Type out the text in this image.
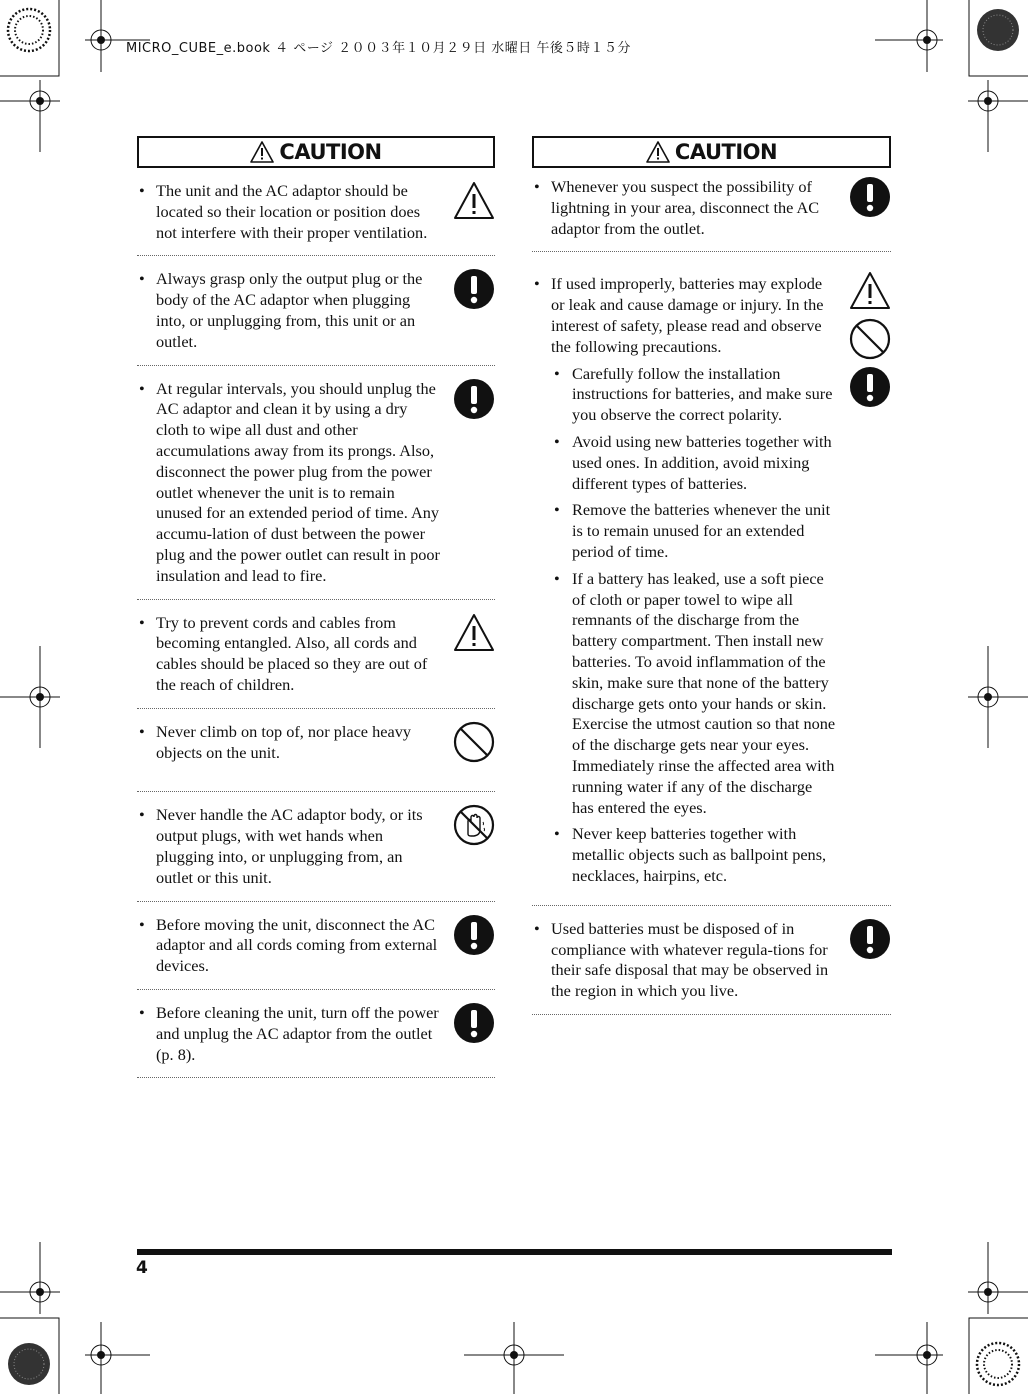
MICRO_CUBE_e.book ４ ページ ２００３年１０月２９日 水曜日 午後５時１５分
CAUTION
• The unit and the AC adaptor should be located so their location or position does not interfere with their proper ventilation.
• Always grasp only the output plug or the body of the AC adaptor when plugging into, or unplugging from, this unit or an outlet.
• At regular intervals, you should unplug the AC adaptor and clean it by using a dry cloth to wipe all dust and other accumulations away from its prongs. Also, disconnect the power plug from the power outlet whenever the unit is to remain unused for an extended period of time. Any accumu-lation of dust between the power plug and the power outlet can result in poor insulation and lead to fire.
• Try to prevent cords and cables from becoming entangled. Also, all cords and cables should be placed so they are out of the reach of children.
• Never climb on top of, nor place heavy objects on the unit.
• Never handle the AC adaptor body, or its output plugs, with wet hands when plugging into, or unplugging from, an outlet or this unit.
• Before moving the unit, disconnect the AC adaptor and all cords coming from external devices.
• Before cleaning the unit, turn off the power and unplug the AC adaptor from the outlet (p. 8).
CAUTION
• Whenever you suspect the possibility of lightning in your area, disconnect the AC adaptor from the outlet.
• If used improperly, batteries may explode or leak and cause damage or injury. In the interest of safety, please read and observe the following precautions.
• Carefully follow the installation instructions for batteries, and make sure you observe the correct polarity.
• Avoid using new batteries together with used ones. In addition, avoid mixing different types of batteries.
• Remove the batteries whenever the unit is to remain unused for an extended period of time.
• If a battery has leaked, use a soft piece of cloth or paper towel to wipe all remnants of the discharge from the battery compartment. Then install new batteries. To avoid inflammation of the skin, make sure that none of the battery discharge gets onto your hands or skin. Exercise the utmost caution so that none of the discharge gets near your eyes. Immediately rinse the affected area with running water if any of the discharge has entered the eyes.
• Never keep batteries together with metallic objects such as ballpoint pens, necklaces, hairpins, etc.
• Used batteries must be disposed of in compliance with whatever regula-tions for their safe disposal that may be observed in the region in which you live.
4
